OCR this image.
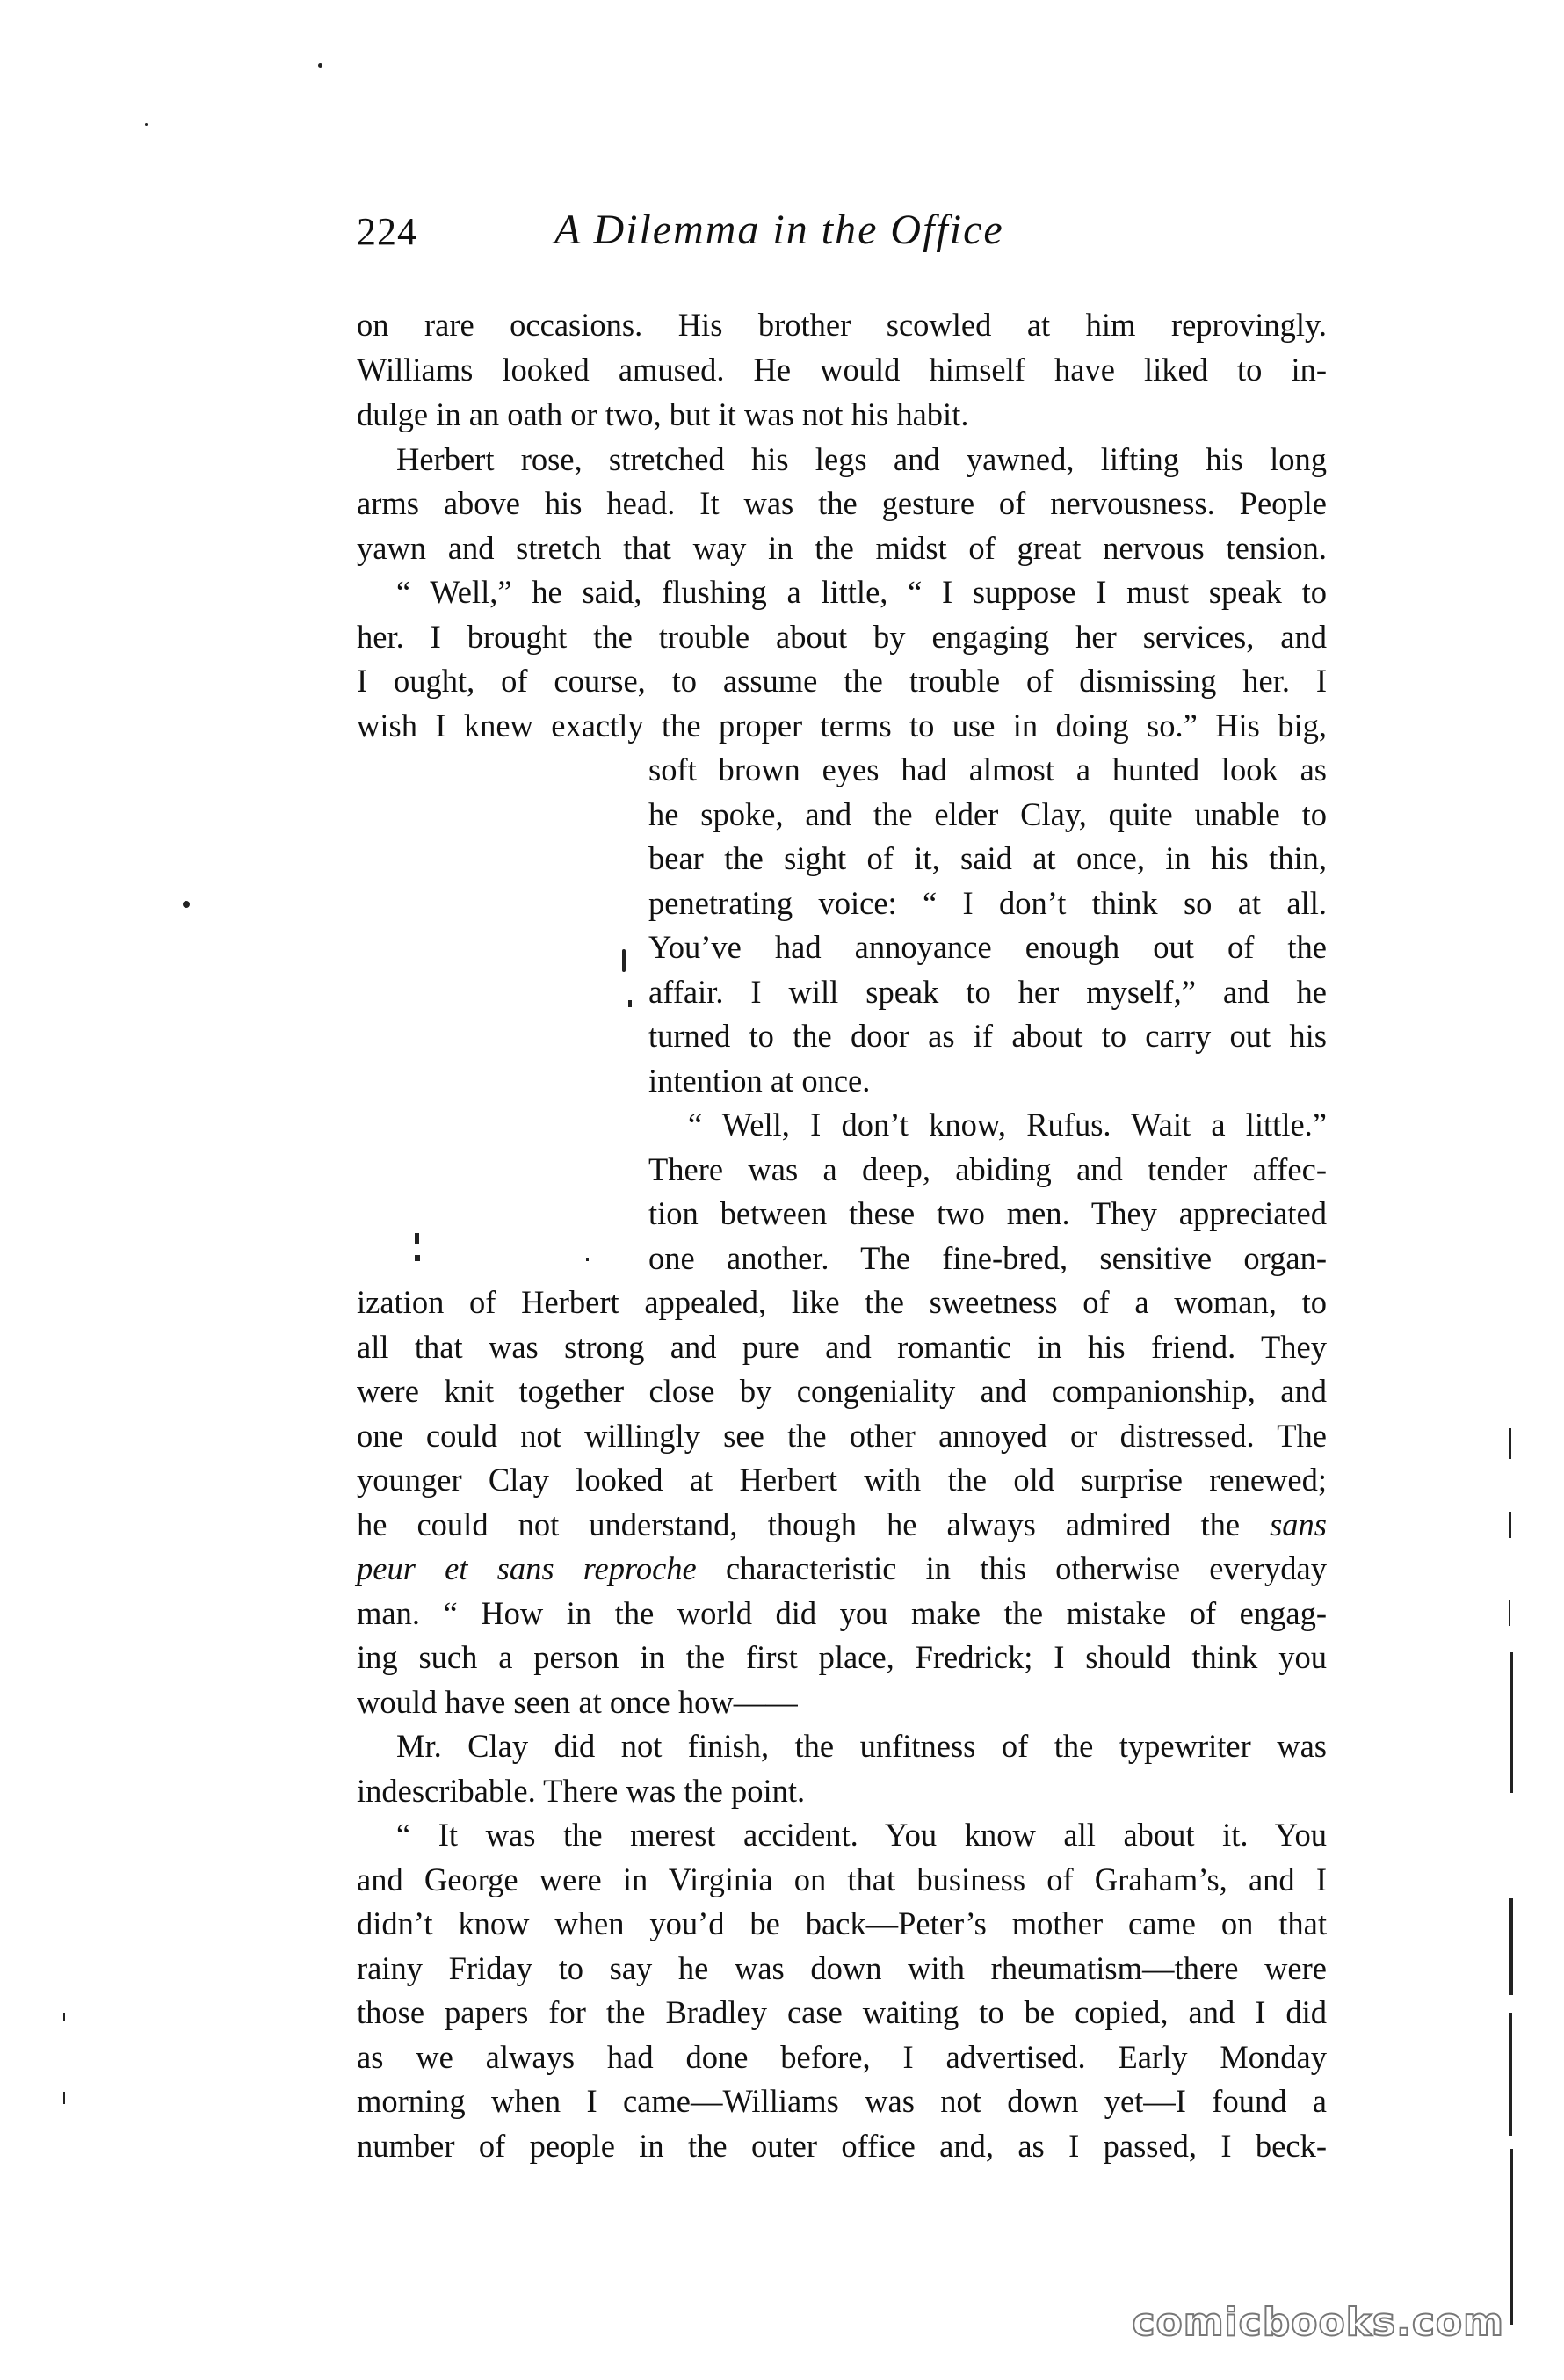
224	A Dilemma in the Office
on rare occasions. His brother scowled at him reprovingly.
Williams looked amused. He would himself have liked to in-
dulge in an oath or two, but it was not his habit.
Herbert rose, stretched his legs and yawned, lifting his long
arms above his head. It was the gesture of nervousness. People
yawn and stretch that way in the midst of great nervous tension.
“ Well,” he said, flushing a little, “ I suppose I must speak to
her. I brought the trouble about by engaging her services, and
I ought, of course, to assume the trouble of dismissing her. I
wish I knew exactly the proper terms to use in doing so.” His big,
soft brown eyes had almost a hunted look as
he spoke, and the elder Clay, quite unable to
bear the sight of it, said at once, in his thin,
penetrating voice: “ I don’t think so at all.
You’ve had annoyance enough out of the
affair. I will speak to her myself,” and he
turned to the door as if about to carry out his
intention at once.
“ Well, I don’t know, Rufus. Wait a little.”
There was a deep, abiding and tender affec-
tion between these two men. They appreciated
one another. The fine-bred, sensitive organ-
ization of Herbert appealed, like the sweetness of a woman, to
all that was strong and pure and romantic in his friend. They
were knit together close by congeniality and companionship, and
one could not willingly see the other annoyed or distressed. The
younger Clay looked at Herbert with the old surprise renewed;
he could not understand, though he always admired the sans
peur et sans reproche characteristic in this otherwise everyday
man. “ How in the world did you make the mistake of engag-
ing such a person in the first place, Fredrick; I should think you
would have seen at once how——
Mr. Clay did not finish, the unfitness of the typewriter was
indescribable. There was the point.
“ It was the merest accident. You know all about it. You
and George were in Virginia on that business of Graham’s, and I
didn’t know when you’d be back—Peter’s mother came on that
rainy Friday to say he was down with rheumatism—there were
those papers for the Bradley case waiting to be copied, and I did
as we always had done before, I advertised. Early Monday
morning when I came—Williams was not down yet—I found a
number of people in the outer office and, as I passed, I beck-
comicbooks.com
